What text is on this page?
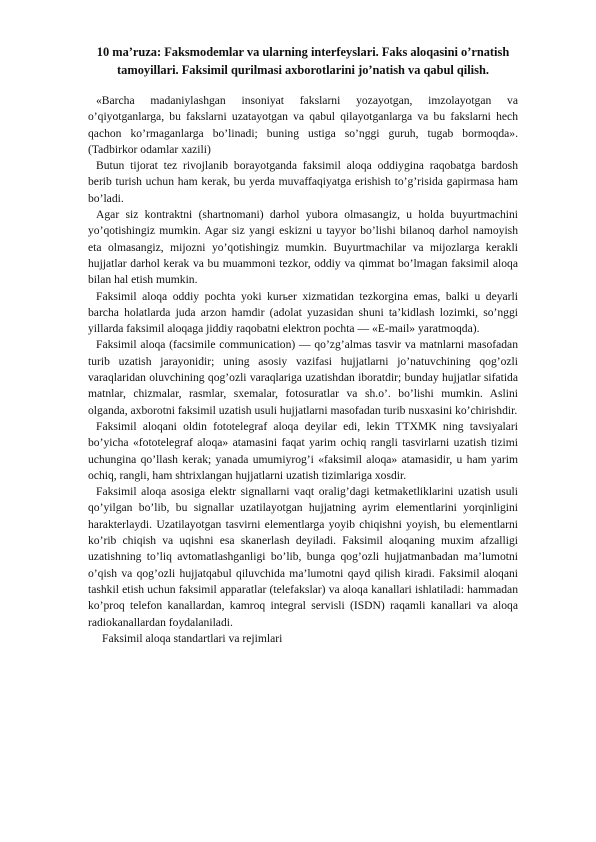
10 ma’ruza: Faksmodemlar va ularning interfeyslari. Faks aloqasini o’rnatish tamoyillari. Faksimil qurilmasi axborotlarini jo’natish va qabul qilish.

«Barcha madaniylashgan insoniyat fakslarni yozayotgan, imzolayotgan va o’qiyotganlarga, bu fakslarni uzatayotgan va qabul qilayotganlarga va bu fakslarni hech qachon ko’rmaganlarga bo’linadi; buning ustiga so’nggi guruh, tugab bormoqda». (Tadbirkor odamlar xazili)

Butun tijorat tez rivojlanib borayotganda faksimil aloqa oddiygina raqobatga bardosh berib turish uchun ham kerak, bu yerda muvaffaqiyatga erishish to’g’risida gapirmasa ham bo’ladi.

Agar siz kontraktni (shartnomani) darhol yubora olmasangiz, u holda buyurtmachini yo’qotishingiz mumkin. Agar siz yangi eskizni u tayyor bo’lishi bilanoq darhol namoyish eta olmasangiz, mijozni yo’qotishingiz mumkin. Buyurtmachilar va mijozlarga kerakli hujjatlar darhol kerak va bu muammoni tezkor, oddiy va qimmat bo’lmagan faksimil aloqa bilan hal etish mumkin.

Faksimil aloqa oddiy pochta yoki kurьer xizmatidan tezkorgina emas, balki u deyarli barcha holatlarda juda arzon hamdir (adolat yuzasidan shuni ta’kidlash lozimki, so’nggi yillarda faksimil aloqaga jiddiy raqobatni elektron pochta — «E-mail» yaratmoqda).

Faksimil aloqa (facsimile communication) — qo’zg’almas tasvir va matnlarni masofadan turib uzatish jarayonidir; uning asosiy vazifasi hujjatlarni jo’natuvchining qog’ozli varaqlaridan oluvchining qog’ozli varaqlariga uzatishdan iboratdir; bunday hujjatlar sifatida matnlar, chizmalar, rasmlar, sxemalar, fotosuratlar va sh.o’. bo’lishi mumkin. Aslini olganda, axborotni faksimil uzatish usuli hujjatlarni masofadan turib nusxasini ko’chirishdir.

Faksimil aloqani oldin fototelegraf aloqa deyilar edi, lekin TTXMK ning tavsiyalari bo’yicha «fototelegraf aloqa» atamasini faqat yarim ochiq rangli tasvirlarni uzatish tizimi uchungina qo’llash kerak; yanada umumiyrog’i «faksimil aloqa» atamasidir, u ham yarim ochiq, rangli, ham shtrixlangan hujjatlarni uzatish tizimlariga xosdir.

Faksimil aloqa asosiga elektr signallarni vaqt oralig’dagi ketmaketliklarini uzatish usuli qo’yilgan bo’lib, bu signallar uzatilayotgan hujjatning ayrim elementlarini yorqinligini harakterlaydi. Uzatilayotgan tasvirni elementlarga yoyib chiqishni yoyish, bu elementlarni ko’rib chiqish va uqishni esa skanerlash deyiladi. Faksimil aloqaning muxim afzalligi uzatishning to’liq avtomatlashganligi bo’lib, bunga qog’ozli hujjatmanbadan ma’lumotni o’qish va qog’ozli hujjatqabul qiluvchida ma’lumotni qayd qilish kiradi. Faksimil aloqani tashkil etish uchun faksimil apparatlar (telefakslar) va aloqa kanallari ishlatiladi: hammadan ko’proq telefon kanallardan, kamroq integral servisli (ISDN) raqamli kanallari va aloqa radiokanallardan foydalaniladi.

Faksimil aloqa standartlari va rejimlari
